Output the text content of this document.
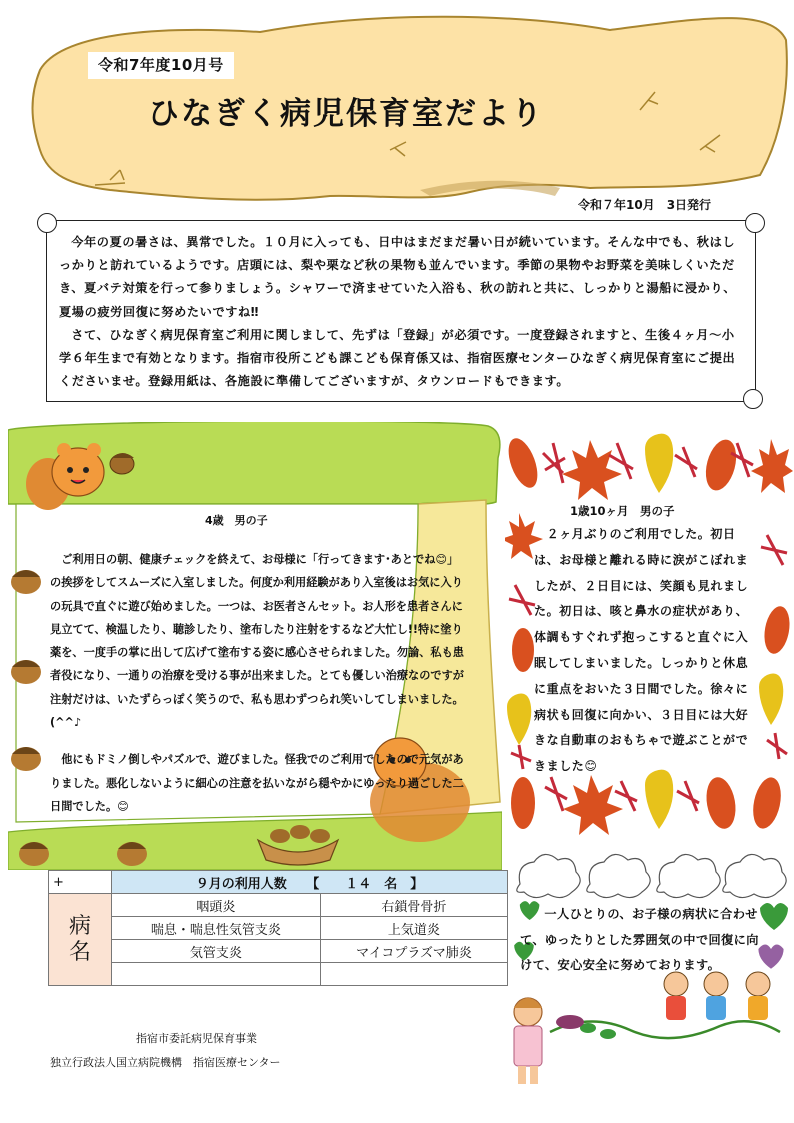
令和7年度10月号
ひなぎく病児保育室だより
令和７年10月　3日発行

今年の夏の暑さは、異常でした。１０月に入っても、日中はまだまだ暑い日が続いています。そんな中でも、秋はしっかりと訪れているようです。店頭には、梨や栗など秋の果物も並んでいます。季節の果物やお野菜を美味しくいただき、夏バテ対策を行って参りましょう。シャワーで済ませていた入浴も、秋の訪れと共に、しっかりと湯船に浸かり、夏場の疲労回復に努めたいですね‼

さて、ひなぎく病児保育室ご利用に関しまして、先ずは「登録」が必須です。一度登録されますと、生後４ヶ月～小学６年生まで有効となります。指宿市役所こども課こども保育係又は、指宿医療センターひなぎく病児保育室にご提出くださいませ。登録用紙は、各施設に準備してございますが、タウンロードもできます。

4歳　男の子

ご利用日の朝、健康チェックを終えて、お母様に「行ってきます･あとでね😊」の挨拶をしてスムーズに入室しました。何度か利用経験があり入室後はお気に入りの玩具で直ぐに遊び始めました。一つは、お医者さんセット。お人形を患者さんに見立てて、検温したり、聴診したり、塗布したり注射をするなど大忙し!!特に塗り薬を、一度手の掌に出して広げて塗布する姿に感心させられました。勿論、私も患者役になり、一通りの治療を受ける事が出来ました。とても優しい治療なのですが注射だけは、いたずらっぽく笑うので、私も思わずつられ笑いしてしまいました。(^^♪

他にもドミノ倒しやパズルで、遊びました。怪我でのご利用でしたので元気がありました。悪化しないように細心の注意を払いながら穏やかにゆったり過ごした二日間でした。😊

1歳10ヶ月　男の子

　２ヶ月ぶりのご利用でした。初日は、お母様と離れる時に涙がこぼれましたが、２日目には、笑顔も見れました。初日は、咳と鼻水の症状があり、体調もすぐれず抱っこすると直ぐに入眠してしまいました。しっかりと休息に重点をおいた３日間でした。徐々に病状も回復に向かい、３日目には大好きな自動車のおもちゃで遊ぶことができました😊

+	９月の利用人数　　【　　１４　名　】	

病
名	咽頭炎	右鎖骨骨折
	喘息・喘息性気管支炎	上気道炎
	気管支炎	マイコプラズマ肺炎

一人ひとりの、お子様の病状に合わせて、ゆったりとした雰囲気の中で回復に向けて、安心安全に努めております。

指宿市委託病児保育事業
独立行政法人国立病院機構　指宿医療センター
